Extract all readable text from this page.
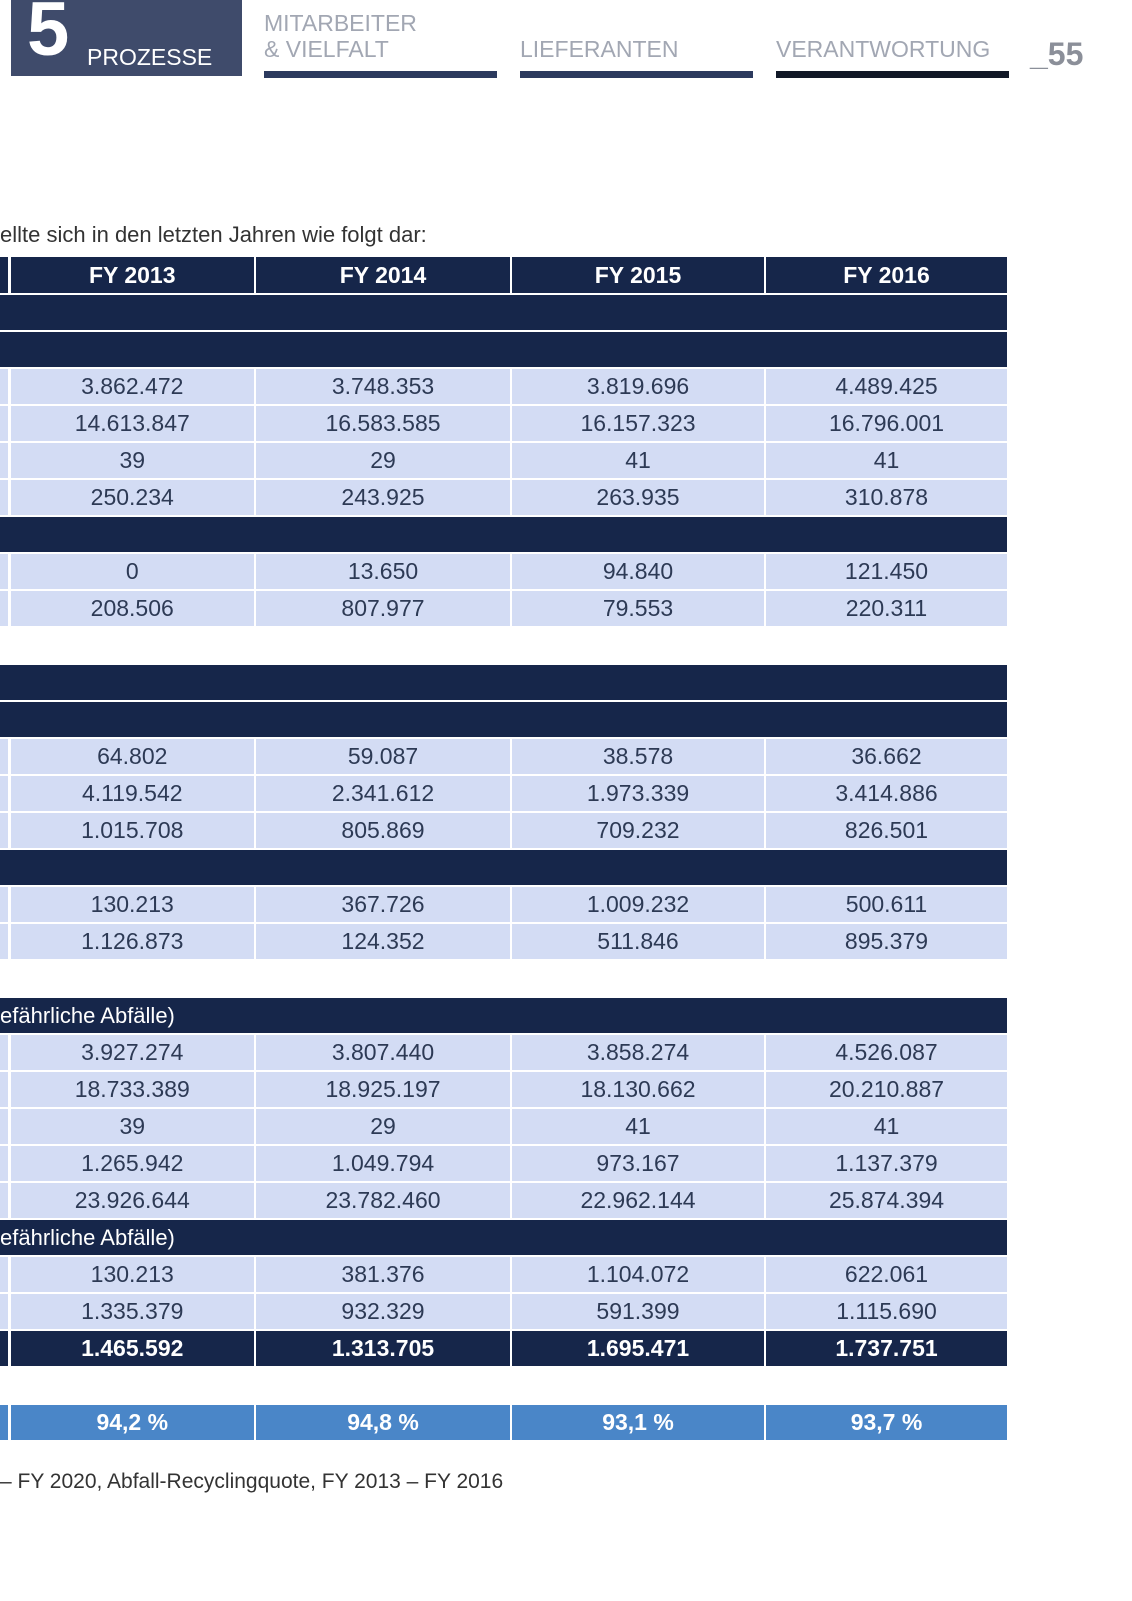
5 PROZESSE
MITARBEITER
& VIELFALT	LIEFERANTEN	VERANTWORTUNG _55
ellte sich in den letzten Jahren wie folgt dar:
	FY 2013	FY 2014	FY 2015	FY 2016

	3.862.472	3.748.353	3.819.696	4.489.425
	14.613.847	16.583.585	16.157.323	16.796.001
	39	29	41	41
	250.234	243.925	263.935	310.878

	0	13.650	94.840	121.450
	208.506	807.977	79.553	220.311

	64.802	59.087	38.578	36.662
	4.119.542	2.341.612	1.973.339	3.414.886
	1.015.708	805.869	709.232	826.501

	130.213	367.726	1.009.232	500.611
	1.126.873	124.352	511.846	895.379

efährliche Abfälle)				
	3.927.274	3.807.440	3.858.274	4.526.087
	18.733.389	18.925.197	18.130.662	20.210.887
	39	29	41	41
	1.265.942	1.049.794	973.167	1.137.379
	23.926.644	23.782.460	22.962.144	25.874.394
efährliche Abfälle)				
	130.213	381.376	1.104.072	622.061
	1.335.379	932.329	591.399	1.115.690
	1.465.592	1.313.705	1.695.471	1.737.751

	94,2 %	94,8 %	93,1 %	93,7 %
– FY 2020, Abfall-Recyclingquote, FY 2013 – FY 2016
